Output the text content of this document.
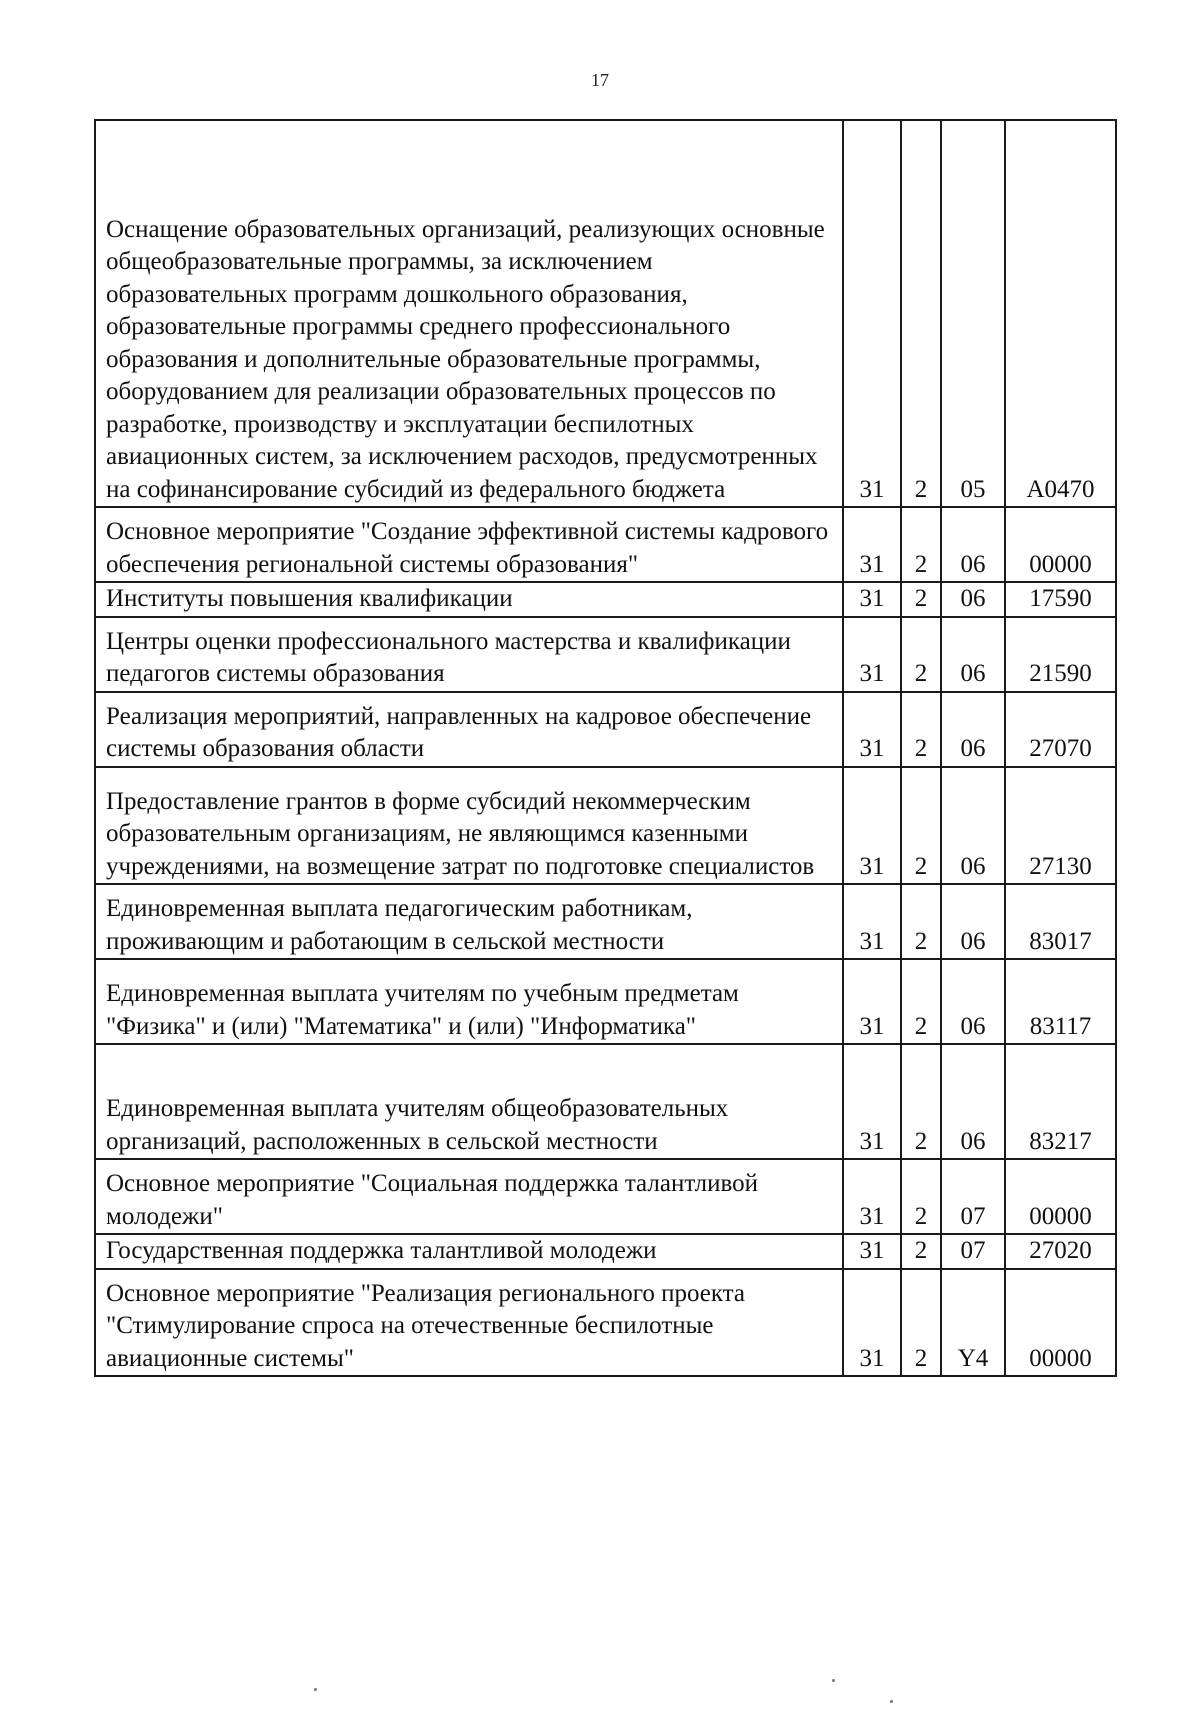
17
Оснащение образовательных организаций, реализующих основные общеобразовательные программы, за исключением образовательных программ дошкольного образования, образовательные программы среднего профессионального образования и дополнительные образовательные программы, оборудованием для реализации образовательных процессов по разработке, производству и эксплуатации беспилотных авиационных систем, за исключением расходов, предусмотренных на софинансирование субсидий из федерального бюджета	31	2	05	А0470
Основное мероприятие "Создание эффективной системы кадрового обеспечения региональной системы образования"	31	2	06	00000
Институты повышения квалификации	31	2	06	17590
Центры оценки профессионального мастерства и квалификации педагогов системы образования	31	2	06	21590
Реализация мероприятий, направленных на кадровое обеспечение системы образования области	31	2	06	27070
Предоставление грантов в форме субсидий некоммерческим образовательным организациям, не являющимся казенными учреждениями, на возмещение затрат по подготовке специалистов	31	2	06	27130
Единовременная выплата педагогическим работникам, проживающим и работающим в сельской местности	31	2	06	83017
Единовременная выплата учителям по учебным предметам "Физика" и (или) "Математика" и (или) "Информатика"	31	2	06	83117
Единовременная выплата учителям общеобразовательных организаций, расположенных в сельской местности	31	2	06	83217
Основное мероприятие "Социальная поддержка талантливой молодежи"	31	2	07	00000
Государственная поддержка талантливой молодежи	31	2	07	27020
Основное мероприятие "Реализация регионального проекта "Стимулирование спроса на отечественные беспилотные авиационные системы"	31	2	Y4	00000
